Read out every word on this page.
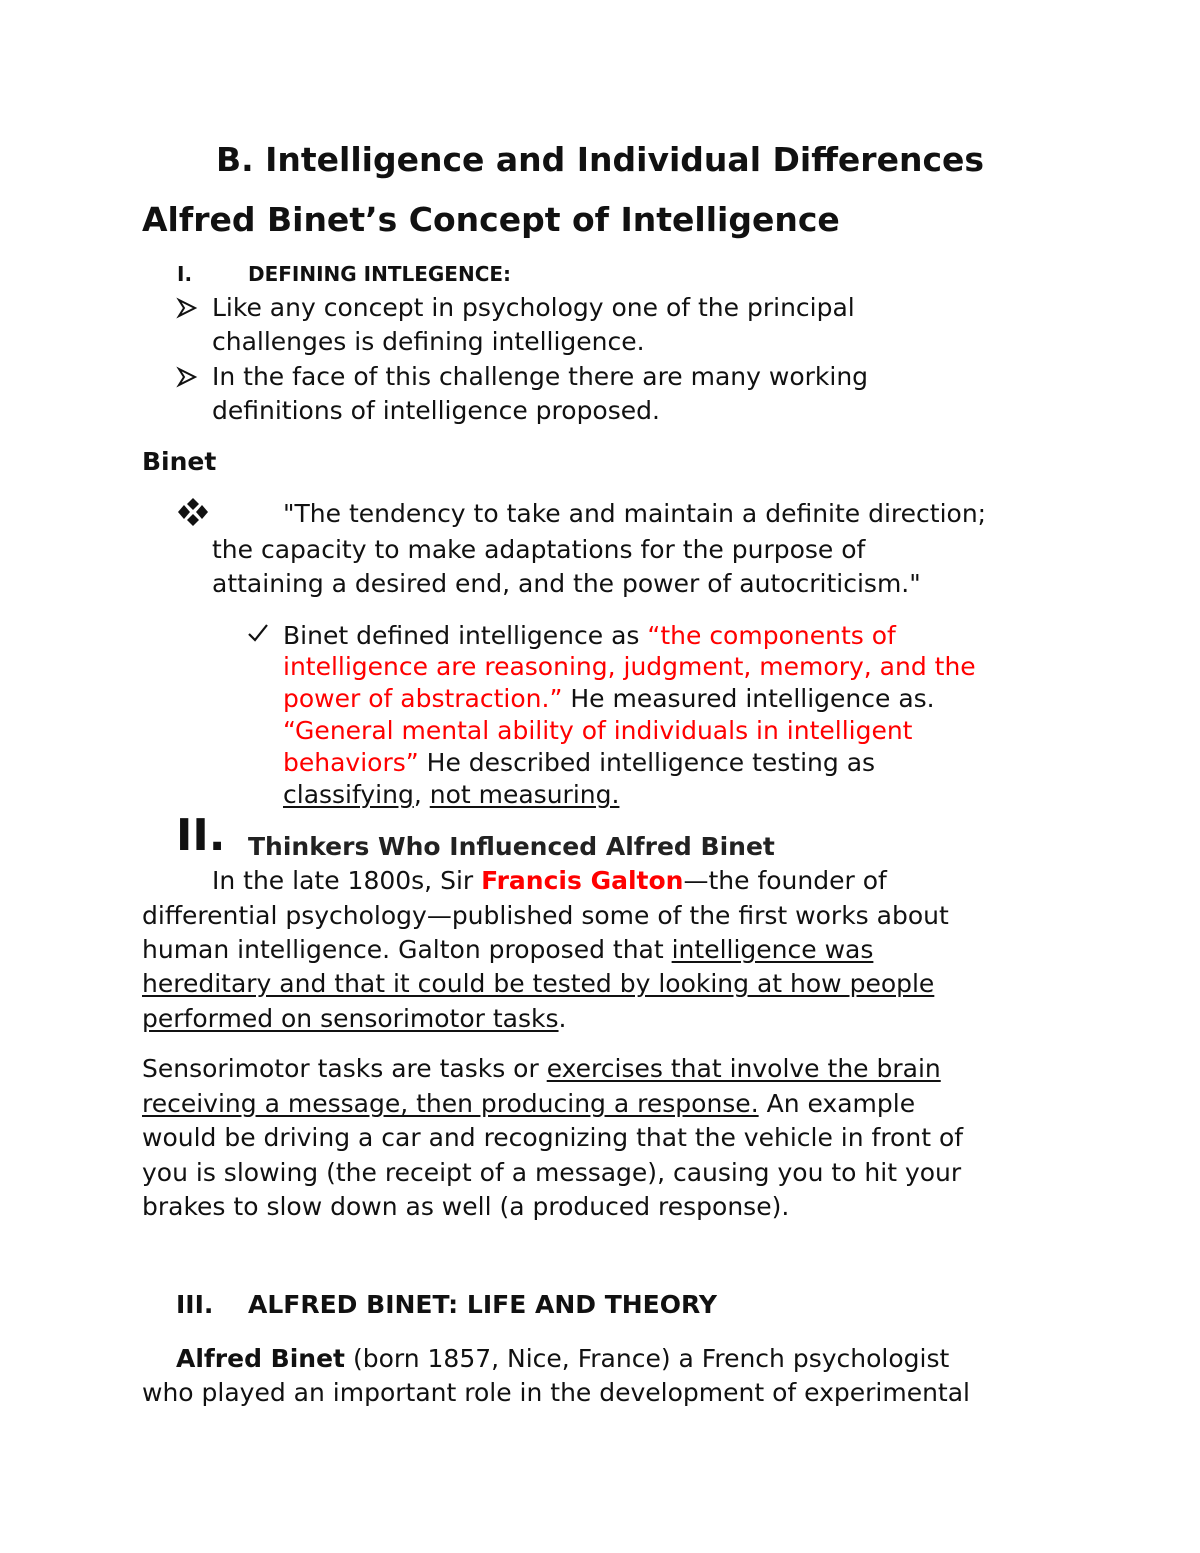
B. Intelligence and Individual Differences
Alfred Binet’s Concept of Intelligence
I.	DEFINING INTLEGENCE:
Like any concept in psychology one of the principal
challenges is defining intelligence.
In the face of this challenge there are many working
definitions of intelligence proposed.
Binet
"The tendency to take and maintain a definite direction;
the capacity to make adaptations for the purpose of
attaining a desired end, and the power of autocriticism."
Binet defined intelligence as “the components of
intelligence are reasoning, judgment, memory, and the
power of abstraction.” He measured intelligence as.
“General mental ability of individuals in intelligent
behaviors” He described intelligence testing as
classifying, not measuring.
II. Thinkers Who Influenced Alfred Binet
In the late 1800s, Sir Francis Galton—the founder of
differential psychology—published some of the first works about
human intelligence. Galton proposed that intelligence was
hereditary and that it could be tested by looking at how people
performed on sensorimotor tasks.
Sensorimotor tasks are tasks or exercises that involve the brain
receiving a message, then producing a response. An example
would be driving a car and recognizing that the vehicle in front of
you is slowing (the receipt of a message), causing you to hit your
brakes to slow down as well (a produced response).
III. ALFRED BINET: LIFE AND THEORY
Alfred Binet (born 1857, Nice, France) a French psychologist
who played an important role in the development of experimental
